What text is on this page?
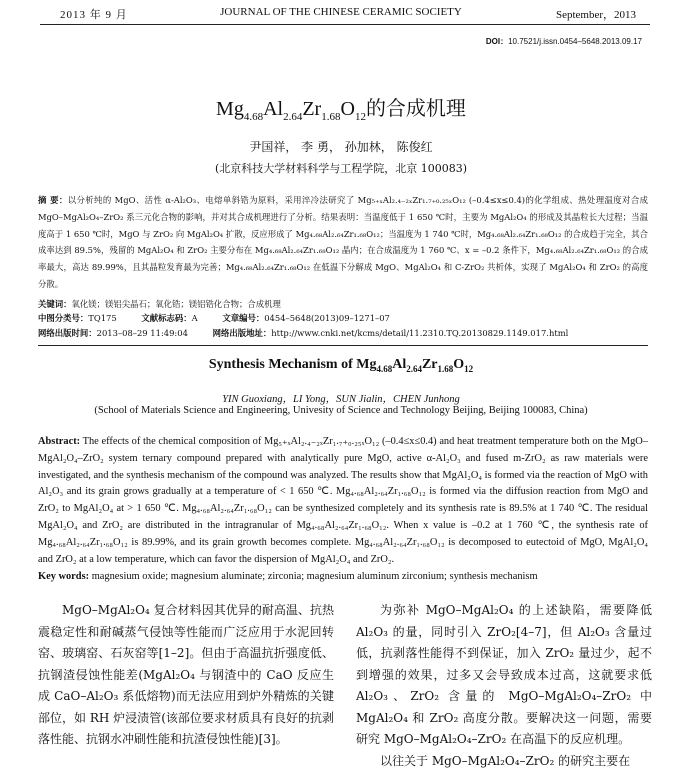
2013 年 9 月	JOURNAL OF THE CHINESE CERAMIC SOCIETY	September，2013
DOI：10.7521/j.issn.0454–5648.2013.09.17
$Mg_{4.68}Al_{2.64}Zr_{1.68}O_{12}$的合成机理
尹国祥， 李 勇， 孙加林， 陈俊红
(北京科技大学材料科学与工程学院，北京 100083)
摘 要：以分析纯的 MgO、活性 α-Al₂O₃、电熔单斜锆为原料，采用淬冷法研究了 Mg₅₊ₓAl₂.₄₋₂ₓZr₁.₇₊₀.₂₅ₓO₁₂ (–0.4≤x≤0.4)的化学组成、热处理温度对合成 MgO–MgAl₂O₄–ZrO₂ 系三元化合物的影响，并对其合成机理进行了分析。结果表明：当温度低于 1 650 ℃时，主要为 MgAl₂O₄ 的形成及其晶粒长大过程；当温度高于 1 650 ℃时，MgO 与 ZrO₂ 向 MgAl₂O₄ 扩散，反应形成了 Mg₄.₆₈Al₂.₆₄Zr₁.₆₈O₁₂；当温度为 1 740 ℃时，Mg₄.₆₈Al₂.₆₄Zr₁.₆₈O₁₂ 的合成趋于完全，其合成率达到 89.5%，残留的 MgAl₂O₄ 和 ZrO₂ 主要分布在 Mg₄.₆₈Al₂.₆₄Zr₁.₆₈O₁₂ 晶内；在合成温度为 1 760 ℃、x = –0.2 条件下，Mg₄.₆₈Al₂.₆₄Zr₁.₆₈O₁₂ 的合成率最大，高达 89.99%，且其晶粒发育最为完善；Mg₄.₆₈Al₂.₆₄Zr₁.₆₈O₁₂ 在低温下分解成 MgO、MgAl₂O₄ 和 C-ZrO₂ 共析体，实现了 MgAl₂O₄ 和 ZrO₂ 的高度分散。
关键词：氧化镁；镁铝尖晶石；氧化锆；镁铝锆化合物；合成机理
中图分类号：TQ175	文献标志码：A	文章编号：0454–5648(2013)09–1271–07
网络出版时间：2013–08–29 11:49:04	网络出版地址：http://www.cnki.net/kcms/detail/11.2310.TQ.20130829.1149.017.html
Synthesis Mechanism of $Mg_{4.68}Al_{2.64}Zr_{1.68}O_{12}$
YIN Guoxiang，LI Yong，SUN Jialin，CHEN Junhong
(School of Materials Science and Engineering, Univesity of Science and Technology Beijing, Beijing 100083, China)
Abstract: The effects of the chemical composition of Mg₅₊ₓAl₂.₄₋₂ₓZr₁.₇₊₀.₂₅ₓO₁₂ (–0.4≤x≤0.4) and heat treatment temperature both on the MgO–MgAl₂O₄–ZrO₂ system ternary compound prepared with analytically pure MgO, active α-Al₂O₃ and fused m-ZrO₂ as raw materials were investigated, and the synthesis mechanism of the compound was analyzed. The results show that MgAl₂O₄ is formed via the reaction of MgO with Al₂O₃ and its grain grows gradually at a temperature of < 1 650 ℃. Mg₄.₆₈Al₂.₆₄Zr₁.₆₈O₁₂ is formed via the diffusion reaction from MgO and ZrO₂ to MgAl₂O₄ at > 1 650 ℃. Mg₄.₆₈Al₂.₆₄Zr₁.₆₈O₁₂ can be synthesized completely and its synthesis rate is 89.5% at 1 740 ℃. The residual MgAl₂O₄ and ZrO₂ are distributed in the intragranular of Mg₄.₆₈Al₂.₆₄Zr₁.₆₈O₁₂. When x value is –0.2 at 1 760 ℃, the synthesis rate of Mg₄.₆₈Al₂.₆₄Zr₁.₆₈O₁₂ is 89.99%, and its grain growth becomes complete. Mg₄.₆₈Al₂.₆₄Zr₁.₆₈O₁₂ is decomposed to eutectoid of MgO, MgAl₂O₄ and ZrO₂ at a low temperature, which can favor the dispersion of MgAl₂O₄ and ZrO₂.
Key words: magnesium oxide; magnesium aluminate; zirconia; magnesium aluminum zirconium; synthesis mechanism

MgO–MgAl₂O₄ 复合材料因其优异的耐高温、抗热震稳定性和耐碱蒸气侵蚀等性能而广泛应用于水泥回转窑、玻璃窑、石灰窑等[1–2]。但由于高温抗折强度低、抗钢渣侵蚀性能差(MgAl₂O₄ 与钢渣中的 CaO 反应生成 CaO–Al₂O₃ 系低熔物)而无法应用到炉外精炼的关键部位，如 RH 炉浸渍管(该部位要求材质具有良好的抗剥落性能、抗钢水冲刷性能和抗渣侵蚀性能)[3]。

为弥补 MgO–MgAl₂O₄ 的上述缺陷，需要降低 Al₂O₃ 的量，同时引入 ZrO₂[4–7]，但 Al₂O₃ 含量过低，抗剥落性能得不到保证，加入 ZrO₂ 量过少，起不到增强的效果，过多又会导致成本过高，这就要求低 Al₂O₃、ZrO₂ 含量的 MgO–MgAl₂O₄–ZrO₂ 中 MgAl₂O₄ 和 ZrO₂ 高度分散。要解决这一问题，需要研究 MgO–MgAl₂O₄–ZrO₂ 在高温下的反应机理。

以往关于 MgO–MgAl₂O₄–ZrO₂ 的研究主要在
